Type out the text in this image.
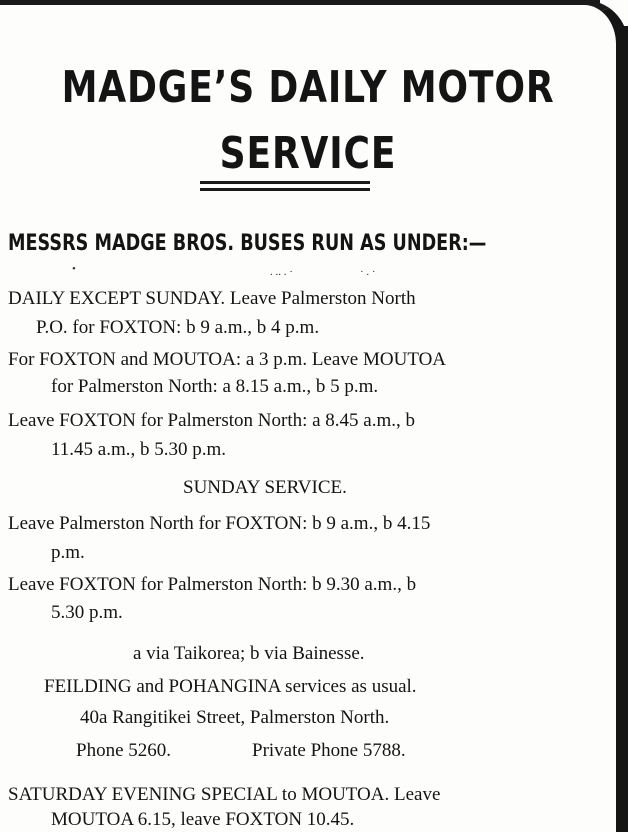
MADGE’S DAILY MOTOR
SERVICE
MESSRS MADGE BROS. BUSES RUN AS UNDER:—
DAILY EXCEPT SUNDAY. Leave Palmerston North
P.O. for FOXTON: b 9 a.m., b 4 p.m.
For FOXTON and MOUTOA: a 3 p.m. Leave MOUTOA
for Palmerston North: a 8.15 a.m., b 5 p.m.
Leave FOXTON for Palmerston North: a 8.45 a.m., b
11.45 a.m., b 5.30 p.m.
SUNDAY SERVICE.
Leave Palmerston North for FOXTON: b 9 a.m., b 4.15
p.m.
Leave FOXTON for Palmerston North: b 9.30 a.m., b
5.30 p.m.
a via Taikorea; b via Bainesse.
FEILDING and POHANGINA services as usual.
40a Rangitikei Street, Palmerston North.
Phone 5260.	Private Phone 5788.
SATURDAY EVENING SPECIAL to MOUTOA. Leave
MOUTOA 6.15, leave FOXTON 10.45.
•	. .. . ·	· . ·
